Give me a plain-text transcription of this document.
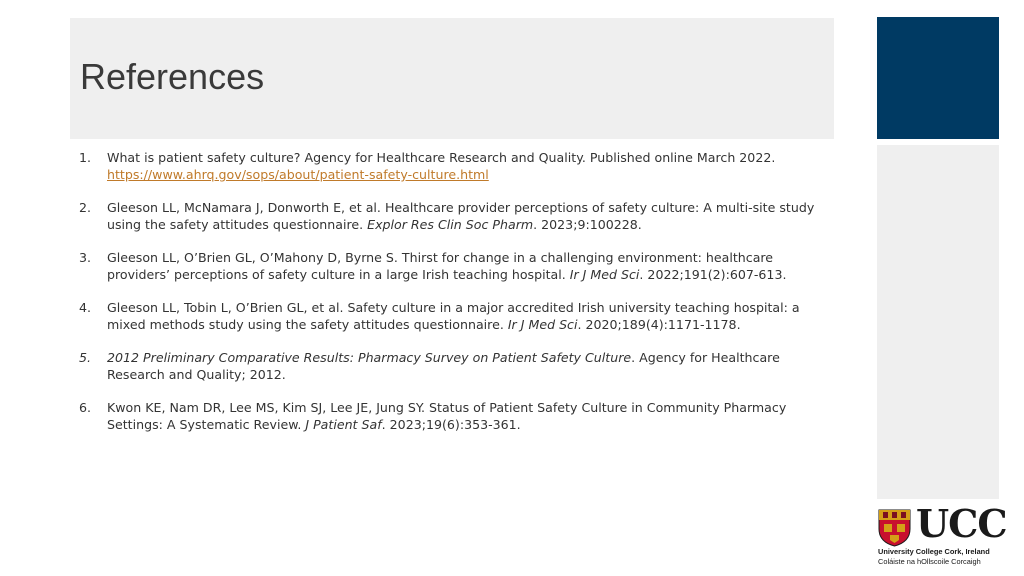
References
1. What is patient safety culture? Agency for Healthcare Research and Quality. Published online March 2022. https://www.ahrq.gov/sops/about/patient-safety-culture.html
2. Gleeson LL, McNamara J, Donworth E, et al. Healthcare provider perceptions of safety culture: A multi-site study using the safety attitudes questionnaire. Explor Res Clin Soc Pharm. 2023;9:100228.
3. Gleeson LL, O’Brien GL, O’Mahony D, Byrne S. Thirst for change in a challenging environment: healthcare providers’ perceptions of safety culture in a large Irish teaching hospital. Ir J Med Sci. 2022;191(2):607-613.
4. Gleeson LL, Tobin L, O’Brien GL, et al. Safety culture in a major accredited Irish university teaching hospital: a mixed methods study using the safety attitudes questionnaire. Ir J Med Sci. 2020;189(4):1171-1178.
5. 2012 Preliminary Comparative Results: Pharmacy Survey on Patient Safety Culture. Agency for Healthcare Research and Quality; 2012.
6. Kwon KE, Nam DR, Lee MS, Kim SJ, Lee JE, Jung SY. Status of Patient Safety Culture in Community Pharmacy Settings: A Systematic Review. J Patient Saf. 2023;19(6):353-361.
UCC
University College Cork, Ireland
Coláiste na hOllscoile Corcaigh
